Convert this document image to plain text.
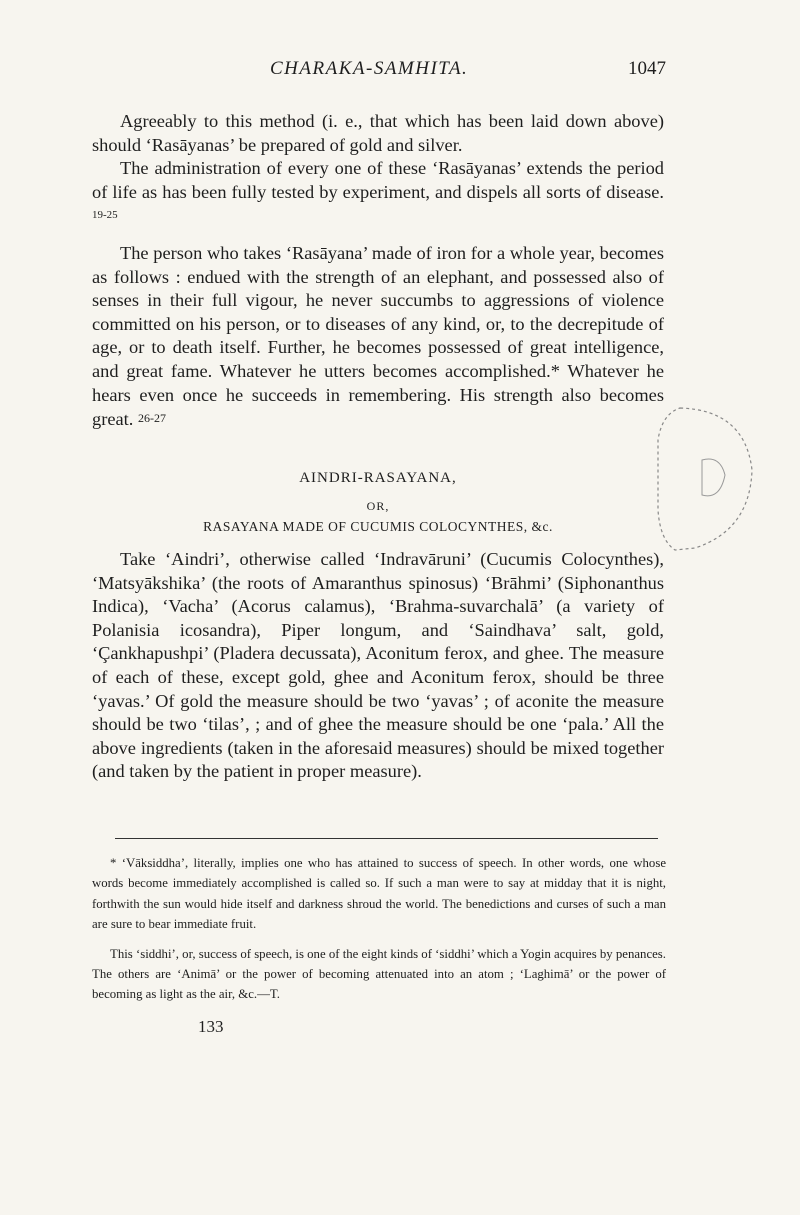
CHARAKA-SAMHITA.	1047

Agreeably to this method (i. e., that which has been laid down above) should ‘Rasāyanas’ be prepared of gold and silver.

The administration of every one of these ‘Rasāyanas’ extends the period of life as has been fully tested by experiment, and dispels all sorts of disease. $^{19-25}$

The person who takes ‘Rasāyana’ made of iron for a whole year, becomes as follows : endued with the strength of an elephant, and possessed also of senses in their full vigour, he never succumbs to aggressions of violence committed on his person, or to diseases of any kind, or, to the decrepitude of age, or to death itself. Further, he becomes possessed of great intelligence, and great fame. Whatever he utters becomes accomplished.* Whatever he hears even once he succeeds in remembering. His strength also becomes great. 26-27

AINDRI-RASAYANA,
OR,
RASAYANA MADE OF CUCUMIS COLOCYNTHES, &c.

Take ‘Aindri’, otherwise called ‘Indravāruni’ (Cucumis Colocynthes), ‘Matsyākshika’ (the roots of Amaranthus spinosus) ‘Brāhmi’ (Siphonanthus Indica), ‘Vacha’ (Acorus calamus), ‘Brahma-suvarchalā’ (a variety of Polanisia icosandra), Piper longum, and ‘Saindhava’ salt, gold, ‘Çankhapushpi’ (Pladera decussata), Aconitum ferox, and ghee. The measure of each of these, except gold, ghee and Aconitum ferox, should be three ‘yavas.’ Of gold the measure should be two ‘yavas’ ; of aconite the measure should be two ‘tilas’, ; and of ghee the measure should be one ‘pala.’ All the above ingredients (taken in the aforesaid measures) should be mixed together (and taken by the patient in proper measure).

* ‘Vāksiddha’, literally, implies one who has attained to success of speech. In other words, one whose words become immediately accomplished is called so. If such a man were to say at midday that it is night, forthwith the sun would hide itself and darkness shroud the world. The benedictions and curses of such a man are sure to bear immediate fruit.

This ‘siddhi’, or, success of speech, is one of the eight kinds of ‘siddhi’ which a Yogin acquires by penances. The others are ‘Animā’ or the power of becoming attenuated into an atom ; ‘Laghimā’ or the power of becoming as light as the air, &c.—T.

133
